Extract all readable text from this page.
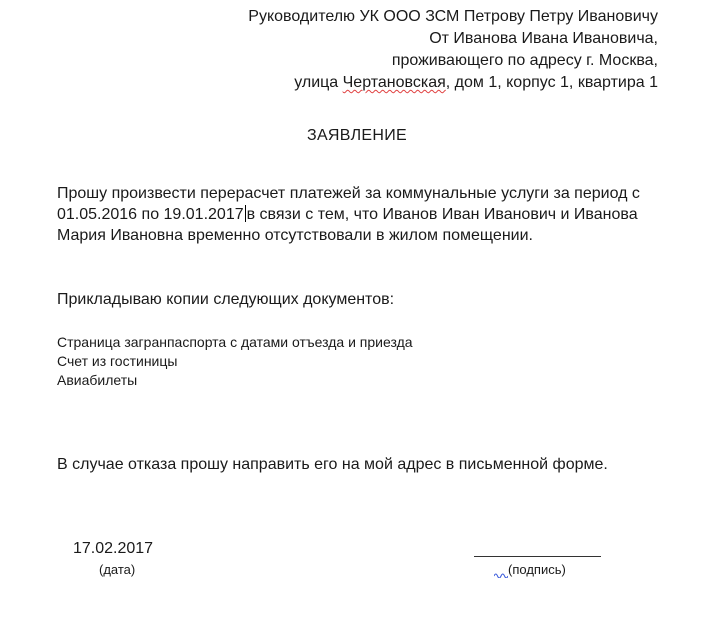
Руководителю УК ООО ЗСМ Петрову Петру Ивановичу
От Иванова Ивана Ивановича,
проживающего по адресу г. Москва,
улица Чертановская, дом 1, корпус 1, квартира 1
ЗАЯВЛЕНИЕ
Прошу произвести перерасчет платежей за коммунальные услуги за период с
01.05.2016 по 19.01.2017 в связи с тем, что Иванов Иван Иванович и Иванова
Мария Ивановна временно отсутствовали в жилом помещении.
Прикладываю копии следующих документов:
Страница загранпаспорта с датами отъезда и приезда
Счет из гостиницы
Авиабилеты
В случае отказа прошу направить его на мой адрес в письменной форме.
17.02.2017
(дата)	(подпись)
